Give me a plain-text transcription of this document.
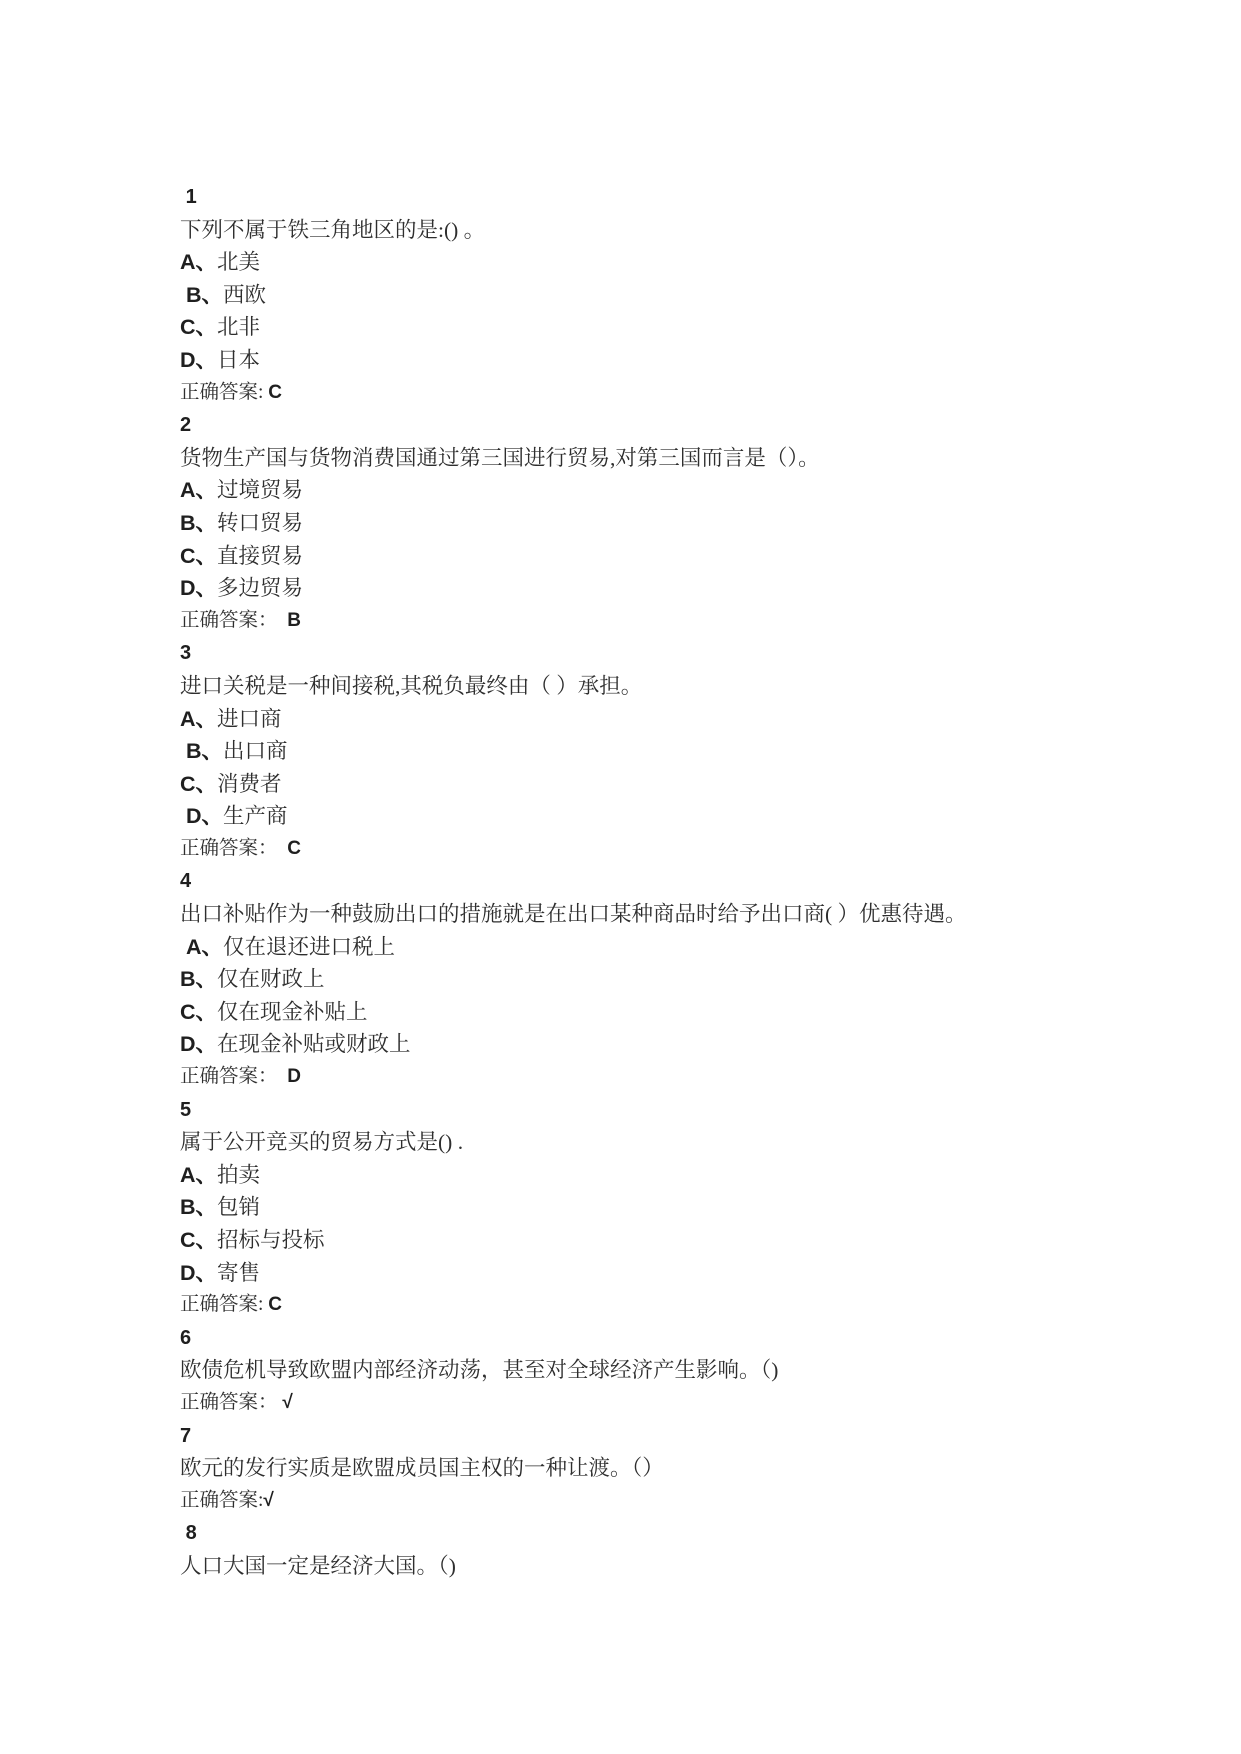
1
下列不属于铁三角地区的是:() 。
A、北美
B、西欧
C、北非
D、日本
正确答案: C
2
货物生产国与货物消费国通过第三国进行贸易,对第三国而言是（）。
A、过境贸易
B、转口贸易
C、直接贸易
D、多边贸易
正确答案：　B
3
进口关税是一种间接税,其税负最终由（ ）承担。
A、进口商
B、出口商
C、消费者
D、生产商
正确答案：　C
4
出口补贴作为一种鼓励出口的措施就是在出口某种商品时给予出口商( ）优惠待遇。
A、仅在退还进口税上
B、仅在财政上
C、仅在现金补贴上
D、在现金补贴或财政上
正确答案：　D
5
属于公开竞买的贸易方式是() .
A、拍卖
B、包销
C、招标与投标
D、寄售
正确答案: C
6
欧债危机导致欧盟内部经济动荡，甚至对全球经济产生影响。（)
正确答案： √
7
欧元的发行实质是欧盟成员国主权的一种让渡。（）
正确答案:√
8
人口大国一定是经济大国。（)
